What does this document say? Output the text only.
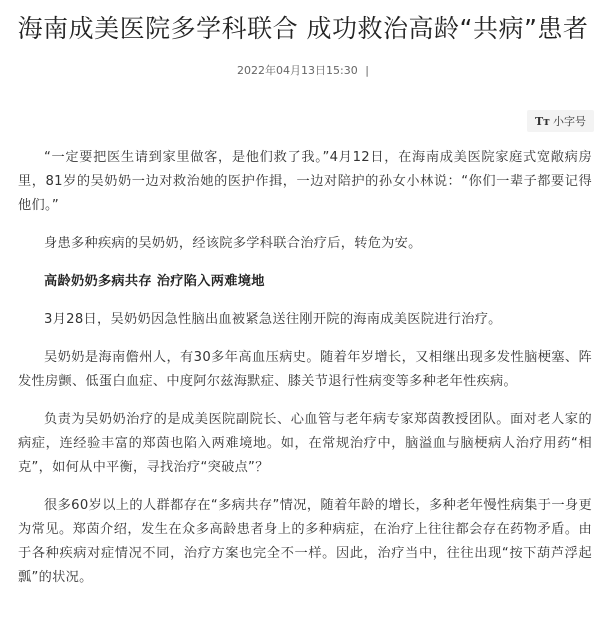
海南成美医院多学科联合 成功救治高龄“共病”患者
2022年04月13日15:30 |
Tт 小字号

“一定要把医生请到家里做客，是他们救了我。”4月12日，在海南成美医院家庭式宽敞病房里，81岁的吴奶奶一边对救治她的医护作揖，一边对陪护的孙女小林说：“你们一辈子都要记得他们。”

身患多种疾病的吴奶奶，经该院多学科联合治疗后，转危为安。

高龄奶奶多病共存 治疗陷入两难境地

3月28日，吴奶奶因急性脑出血被紧急送往刚开院的海南成美医院进行治疗。

吴奶奶是海南儋州人，有30多年高血压病史。随着年岁增长，又相继出现多发性脑梗塞、阵发性房颤、低蛋白血症、中度阿尔兹海默症、膝关节退行性病变等多种老年性疾病。

负责为吴奶奶治疗的是成美医院副院长、心血管与老年病专家郑茵教授团队。面对老人家的病症，连经验丰富的郑茵也陷入两难境地。如，在常规治疗中，脑溢血与脑梗病人治疗用药“相克”，如何从中平衡，寻找治疗“突破点”？

很多60岁以上的人群都存在“多病共存”情况，随着年龄的增长，多种老年慢性病集于一身更为常见。郑茵介绍，发生在众多高龄患者身上的多种病症，在治疗上往往都会存在药物矛盾。由于各种疾病对症情况不同，治疗方案也完全不一样。因此，治疗当中，往往出现“按下葫芦浮起瓢”的状况。
